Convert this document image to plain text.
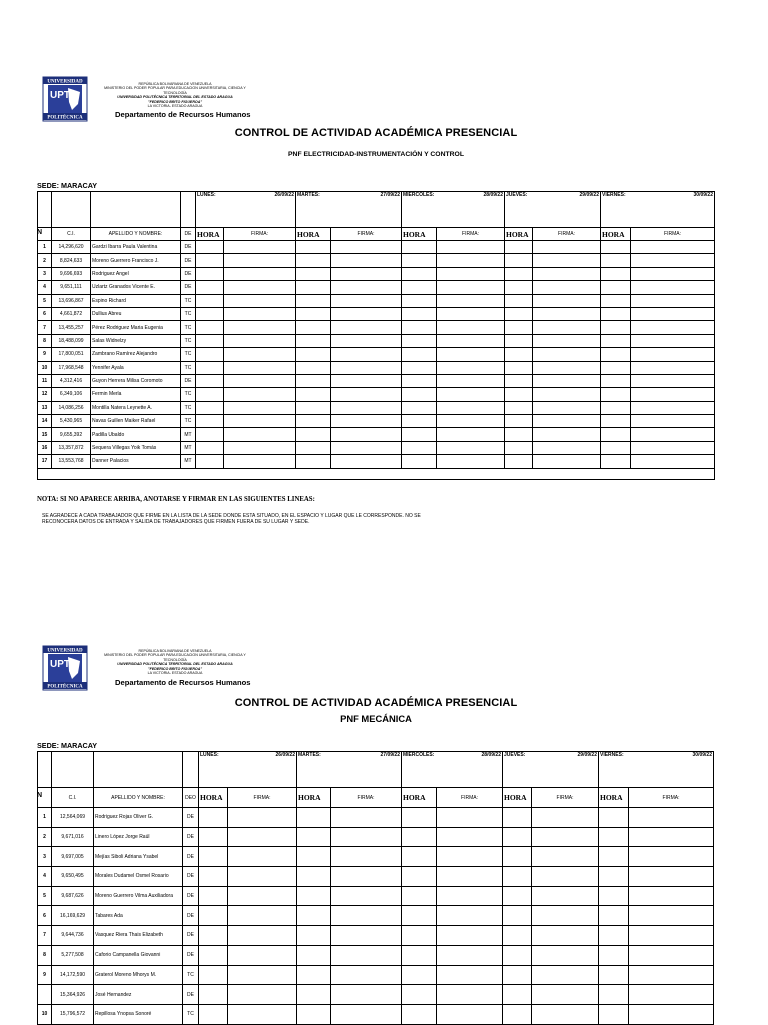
UNIVERSIDAD
UPT
POLITÉCNICA
REPÚBLICA BOLIVARIANA DE VENEZUELA
MINISTERIO DEL PODER POPULAR PARA EDUCACION UNIVERSITARIA, CIENCIA Y TECNOLOGÍA
UNIVERSIDAD POLITÉCNICA TERRITORIAL DEL ESTADO ARAGUA
"FEDERICO BRITO FIGUEROA"
LA VICTORIA- ESTADO ARAGUA
Departamento de Recursos Humanos
CONTROL DE ACTIVIDAD ACADÉMICA PRESENCIAL
PNF ELECTRICIDAD-INSTRUMENTACIÓN Y CONTROL
SEDE: MARACAY

				LUNES: 26/09/22		MARTES: 27/09/22		MIERCOLES: 28/09/22		JUEVES: 29/09/22		VIERNES: 30/09/22	

	C.I.	APELLIDO Y NOMBRE:	DE	HORA	FIRMA:	HORA	FIRMA:	HORA	FIRMA:	HORA	FIRMA:	HORA	FIRMA:
1	14,296,620	Gardzi Ibarra Paula Valentina	DE										
2	8,824,633	Moreno Guerrero Francisco J.	DE										
3	9,696,693	Rodriguez Angel	DE										
4	9,651,111	Uzlartz Granados Vicente E.	DE										
5	13,696,867	Espino Richard	TC										
6	4,661,872	Dullius Abreu	TC										
7	13,455,257	Pérez Rodriguez Maria Eugenia	TC										
8	18,488,099	Salas Widnelzy	TC										
9	17,800,051	Zambrano Ramírez Alejandro	TC										
10	17,968,548	Yennifer Ayala	TC										
11	4,312,416	Guyon Herrera Milisa Coromoto	DE										
12	6,349,106	Fermin Merla	TC										
13	14,086,256	Montilla Natera Leynette A.	TC										
14	5,430,965	Navas Guillen Maiker Rafael	TC										
15	9,655,392	Padilla Ubaldo	MT										
16	13,357,872	Sequera Villegas Yoik Tomás	MT										
17	13,553,768	Danner Palacios	MT										

N
NOTA: SI NO APARECE ARRIBA, ANOTARSE Y FIRMAR EN LAS SIGUIENTES LINEAS:
SE AGRADECE A CADA TRABAJADOR QUE FIRME EN LA LISTA DE LA SEDE DONDE ESTA SITUADO, EN EL ESPACIO Y LUGAR QUE LE CORRESPONDE. NO SE RECONOCERA DATOS DE ENTRADA Y SALIDA DE TRABAJADORES QUE FIRMEN FUERA DE SU LUGAR Y SEDE.
UNIVERSIDAD
UPT
POLITÉCNICA
REPÚBLICA BOLIVARIANA DE VENEZUELA
MINISTERIO DEL PODER POPULAR PARA EDUCACION UNIVERSITARIA, CIENCIA Y TECNOLOGÍA
UNIVERSIDAD POLITÉCNICA TERRITORIAL DEL ESTADO ARAGUA
"FEDERICO BRITO FIGUEROA"
LA VICTORIA- ESTADO ARAGUA
Departamento de Recursos Humanos
CONTROL DE ACTIVIDAD ACADÉMICA PRESENCIAL
PNF MECÁNICA
SEDE: MARACAY

				LUNES: 26/09/22		MARTES: 27/09/22		MIERCOLES: 28/09/22		JUEVES: 29/09/22		VIERNES: 30/09/22	

	C.I.	APELLIDO Y NOMBRE:	DEO	HORA	FIRMA:	HORA	FIRMA:	HORA	FIRMA:	HORA	FIRMA:	HORA	FIRMA:
1	12,564,069	Rodriguez Rojas Oliver G.	DE										
2	9,671,016	Linero López Jorge Raúl	DE										
3	9,697,005	Mejías Siboli Adriana Ysabel	DE										
4	9,650,495	Morales Dudamel Osmel Rosario	DE										
5	9,687,626	Moreno Guerrero Vilma Auxiliadora	DE										
6	16,169,629	Tabares Ada	DE										
7	9,644,736	Vasquez Riera Thais Elizabeth	DE										
8	5,277,508	Caforio Campanella Giovanni	DE										
9	14,172,590	Graterol Moreno Mhorys M.	TC										
	15,364,926	José Hernandez	DE										
10	15,796,572	Repillosa Ynopsa Sonoré	TC										
N
